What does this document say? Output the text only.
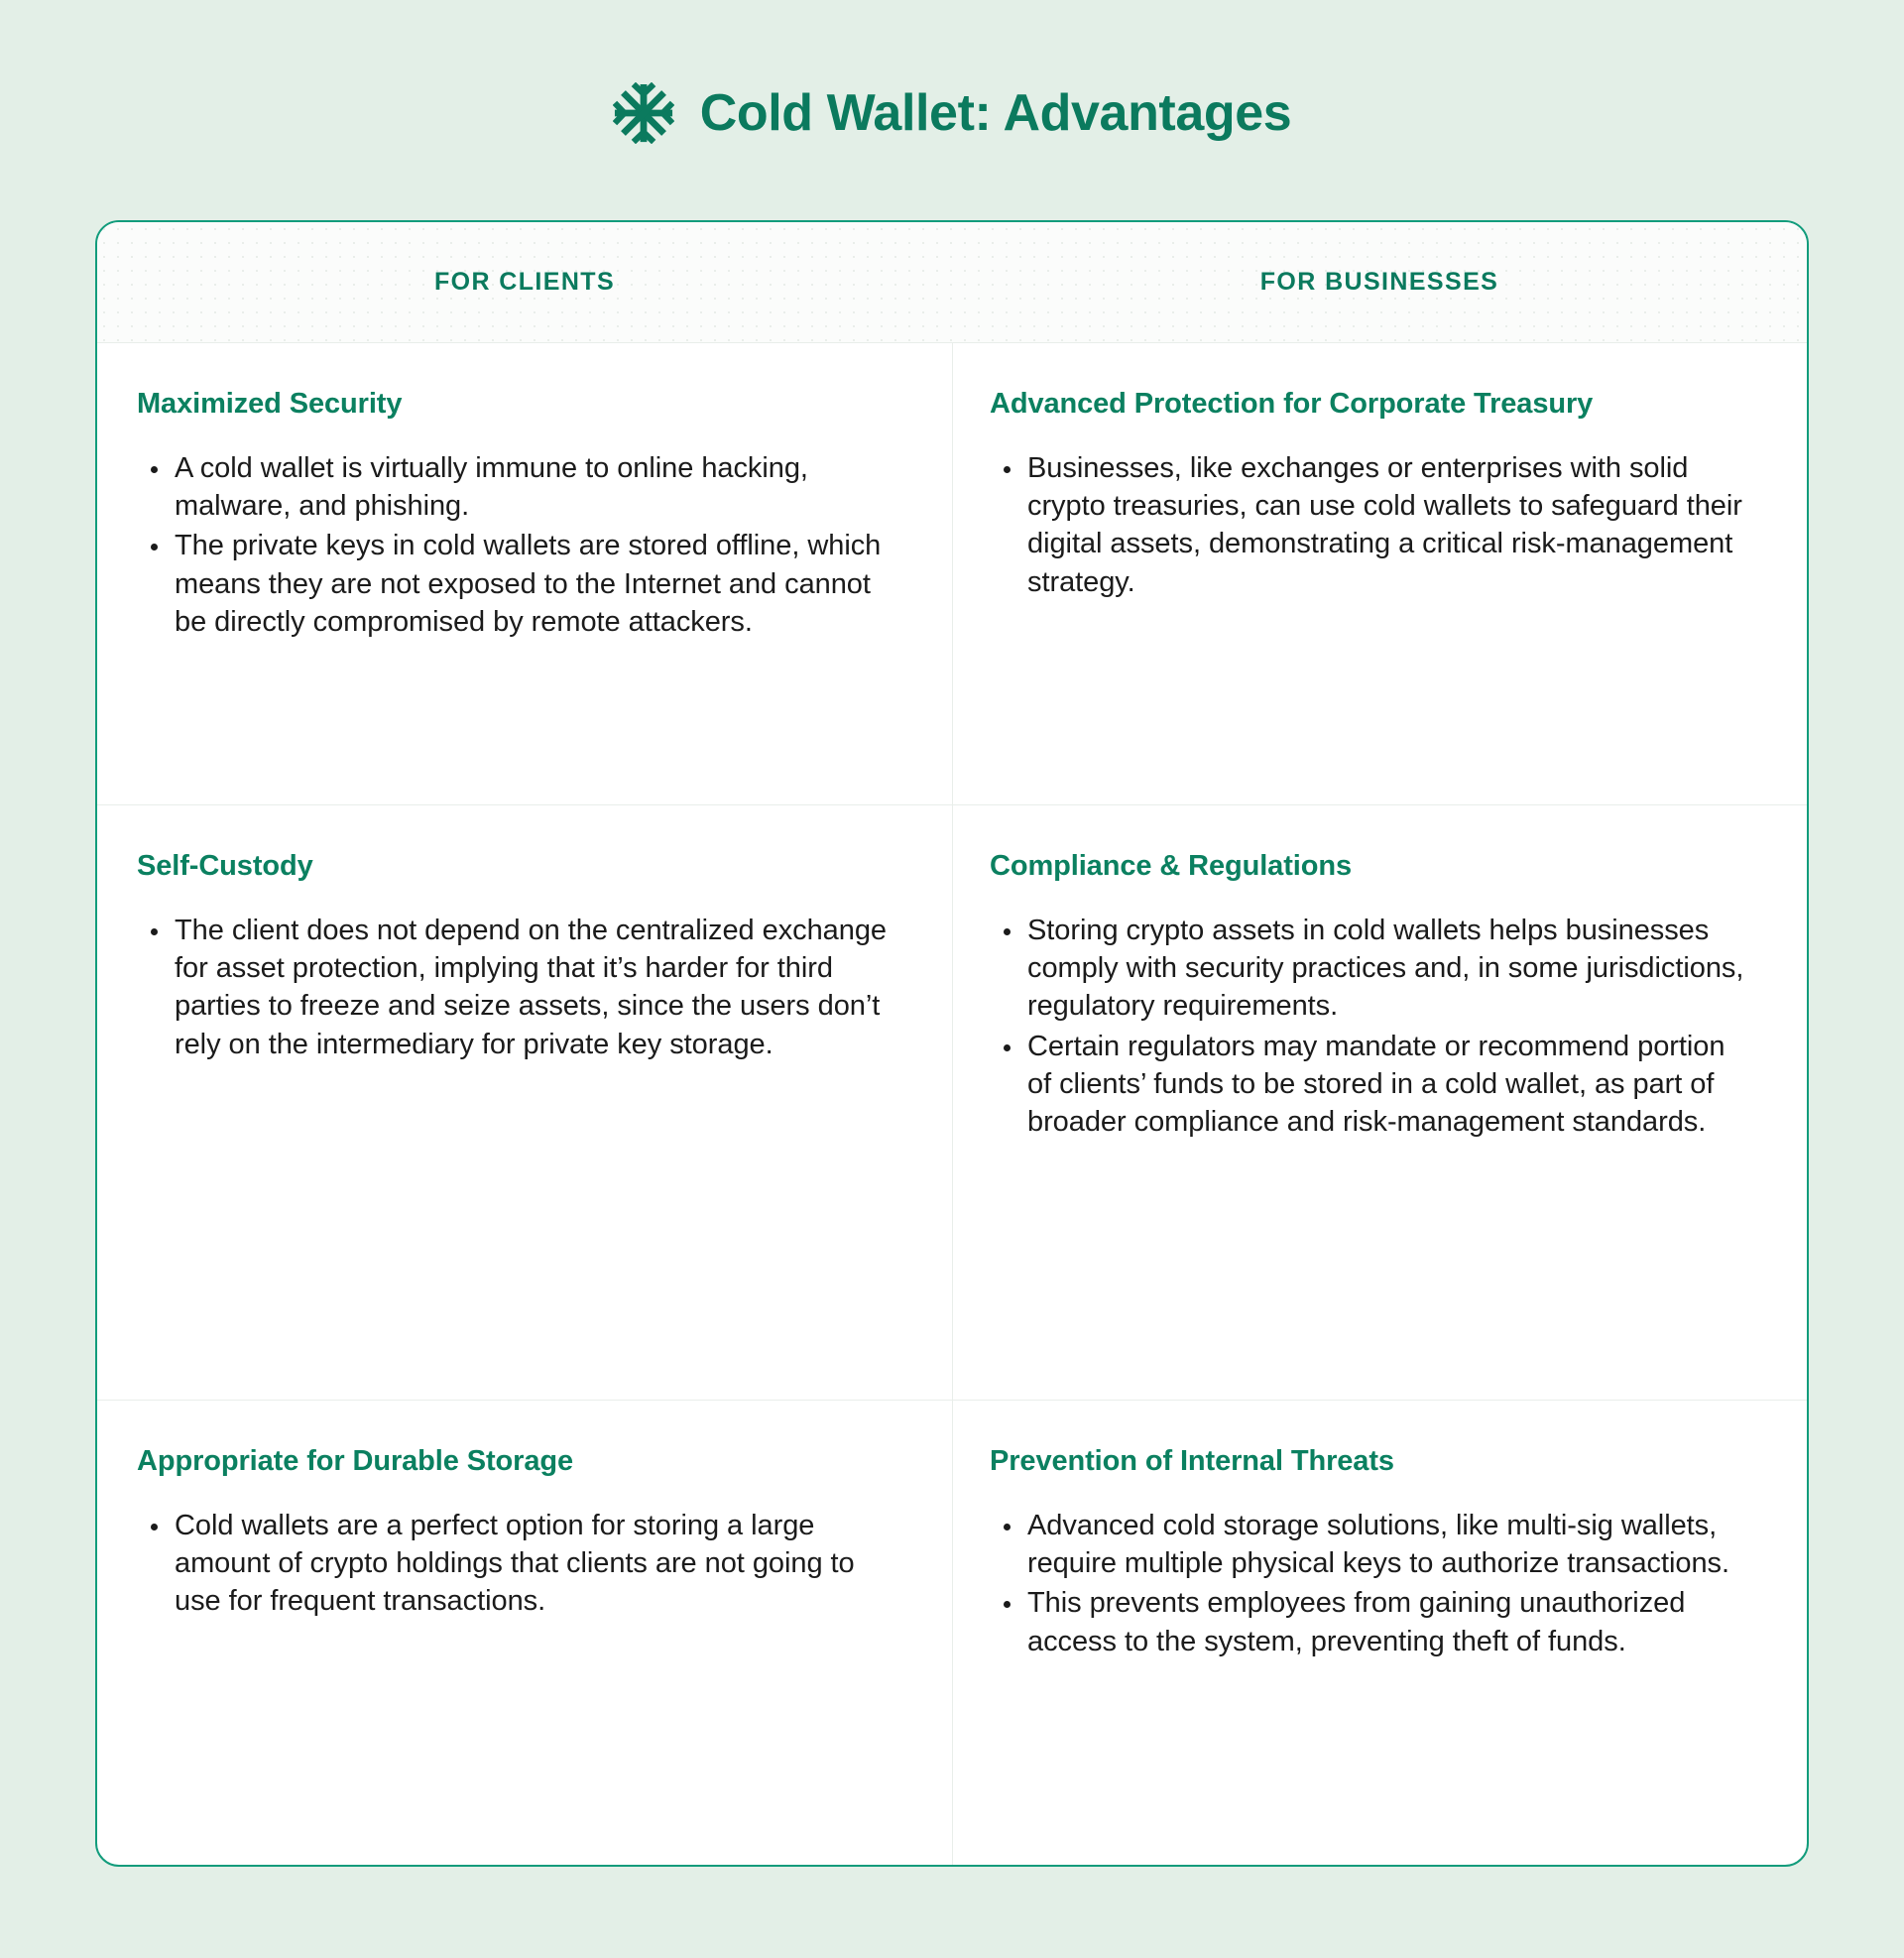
Cold Wallet: Advantages
FOR CLIENTS	FOR BUSINESSES
Maximized Security
A cold wallet is virtually immune to online hacking, malware, and phishing.
The private keys in cold wallets are stored offline, which means they are not exposed to the Internet and cannot be directly compromised by remote attackers.
Advanced Protection for Corporate Treasury
Businesses, like exchanges or enterprises with solid crypto treasuries, can use cold wallets to safeguard their digital assets, demonstrating a critical risk-management strategy.
Self-Custody
The client does not depend on the centralized exchange for asset protection, implying that it’s harder for third parties to freeze and seize assets, since the users don’t rely on the intermediary for private key storage.
Compliance & Regulations
Storing crypto assets in cold wallets helps businesses comply with security practices and, in some jurisdictions, regulatory requirements.
Certain regulators may mandate or recommend portion of clients’ funds to be stored in a cold wallet, as part of broader compliance and risk-management standards.
Appropriate for Durable Storage
Cold wallets are a perfect option for storing a large amount of crypto holdings that clients are not going to use for frequent transactions.
Prevention of Internal Threats
Advanced cold storage solutions, like multi-sig wallets, require multiple physical keys to authorize transactions.
This prevents employees from gaining unauthorized access to the system, preventing theft of funds.
